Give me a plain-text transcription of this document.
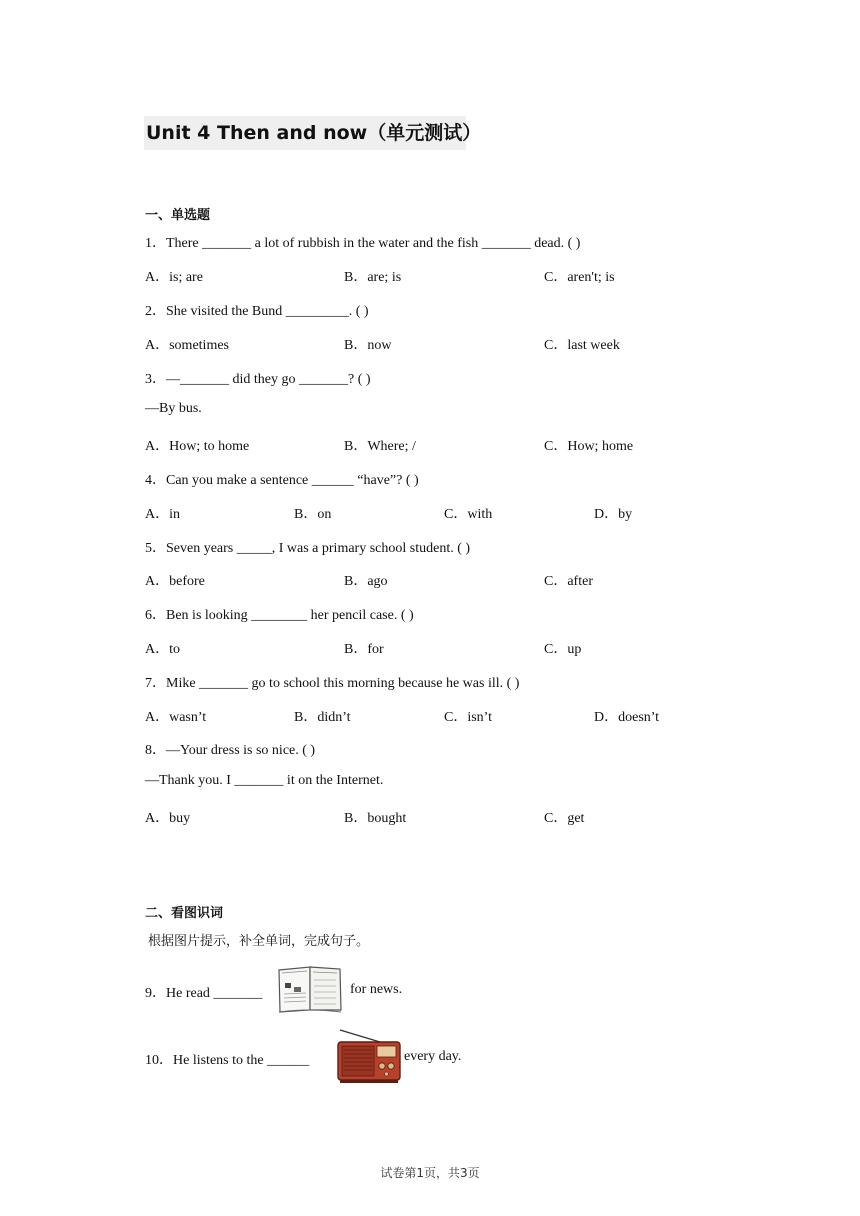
Unit 4 Then and now（单元测试）
一、单选题
1．There _______ a lot of rubbish in the water and the fish _______ dead. ( )
A．is; are	B．are; is	C．aren't; is
2．She visited the Bund _________. ( )
A．sometimes	B．now	C．last week
3．—_______ did they go _______? ( )
—By bus.
A．How; to home	B．Where; /	C．How; home
4．Can you make a sentence ______ “have”? ( )
A．in	B．on	C．with	D．by
5．Seven years _____, I was a primary school student. ( )
A．before	B．ago	C．after
6．Ben is looking ________ her pencil case. ( )
A．to	B．for	C．up
7．Mike _______ go to school this morning because he was ill. ( )
A．wasn’t	B．didn’t	C．isn’t	D．doesn’t
8．—Your dress is so nice. ( )
—Thank you. I _______ it on the Internet.
A．buy	B．bought	C．get
二、看图识词
根据图片提示，补全单词，完成句子。
9．He read _______	for news.
10．He listens to the ______	every day.
试卷第1页，共3页
